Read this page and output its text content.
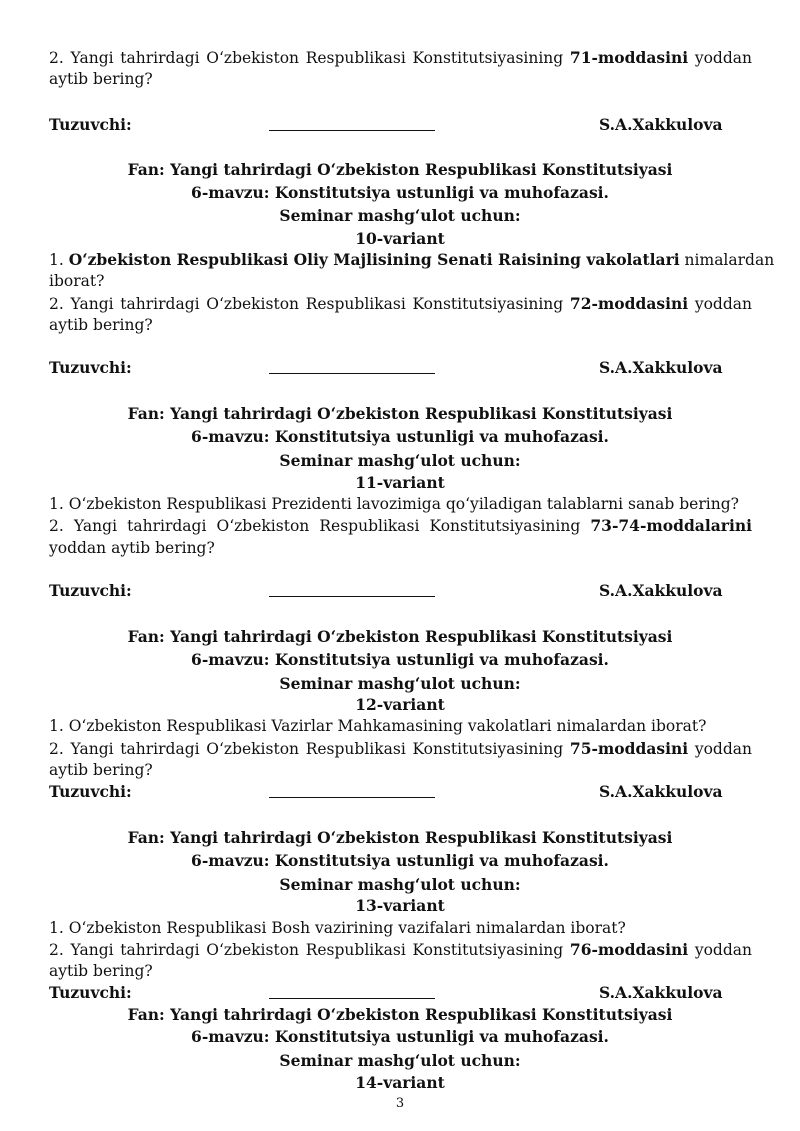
2. Yangi tahrirdagi O‘zbekiston Respublikasi Konstitutsiyasining 71-moddasini yoddan
aytib bering?
Tuzuvchi:	S.A.Xakkulova
Fan: Yangi tahrirdagi O‘zbekiston Respublikasi Konstitutsiyasi
6-mavzu: Konstitutsiya ustunligi va muhofazasi.
Seminar mashg‘ulot uchun:
10-variant
1. O‘zbekiston Respublikasi Oliy Majlisining Senati Raisining vakolatlari nimalardan
iborat?
2. Yangi tahrirdagi O‘zbekiston Respublikasi Konstitutsiyasining 72-moddasini yoddan
aytib bering?
Tuzuvchi:	S.A.Xakkulova
Fan: Yangi tahrirdagi O‘zbekiston Respublikasi Konstitutsiyasi
6-mavzu: Konstitutsiya ustunligi va muhofazasi.
Seminar mashg‘ulot uchun:
11-variant
1. O‘zbekiston Respublikasi Prezidenti lavozimiga qo‘yiladigan talablarni sanab bering?
2. Yangi tahrirdagi O‘zbekiston Respublikasi Konstitutsiyasining 73-74-moddalarini
yoddan aytib bering?
Tuzuvchi:	S.A.Xakkulova
Fan: Yangi tahrirdagi O‘zbekiston Respublikasi Konstitutsiyasi
6-mavzu: Konstitutsiya ustunligi va muhofazasi.
Seminar mashg‘ulot uchun:
12-variant
1. O‘zbekiston Respublikasi Vazirlar Mahkamasining vakolatlari nimalardan iborat?
2. Yangi tahrirdagi O‘zbekiston Respublikasi Konstitutsiyasining 75-moddasini yoddan
aytib bering?
Tuzuvchi:	S.A.Xakkulova
Fan: Yangi tahrirdagi O‘zbekiston Respublikasi Konstitutsiyasi
6-mavzu: Konstitutsiya ustunligi va muhofazasi.
Seminar mashg‘ulot uchun:
13-variant
1. O‘zbekiston Respublikasi Bosh vazirining vazifalari nimalardan iborat?
2. Yangi tahrirdagi O‘zbekiston Respublikasi Konstitutsiyasining 76-moddasini yoddan
aytib bering?
Tuzuvchi:	S.A.Xakkulova
Fan: Yangi tahrirdagi O‘zbekiston Respublikasi Konstitutsiyasi
6-mavzu: Konstitutsiya ustunligi va muhofazasi.
Seminar mashg‘ulot uchun:
14-variant
3
